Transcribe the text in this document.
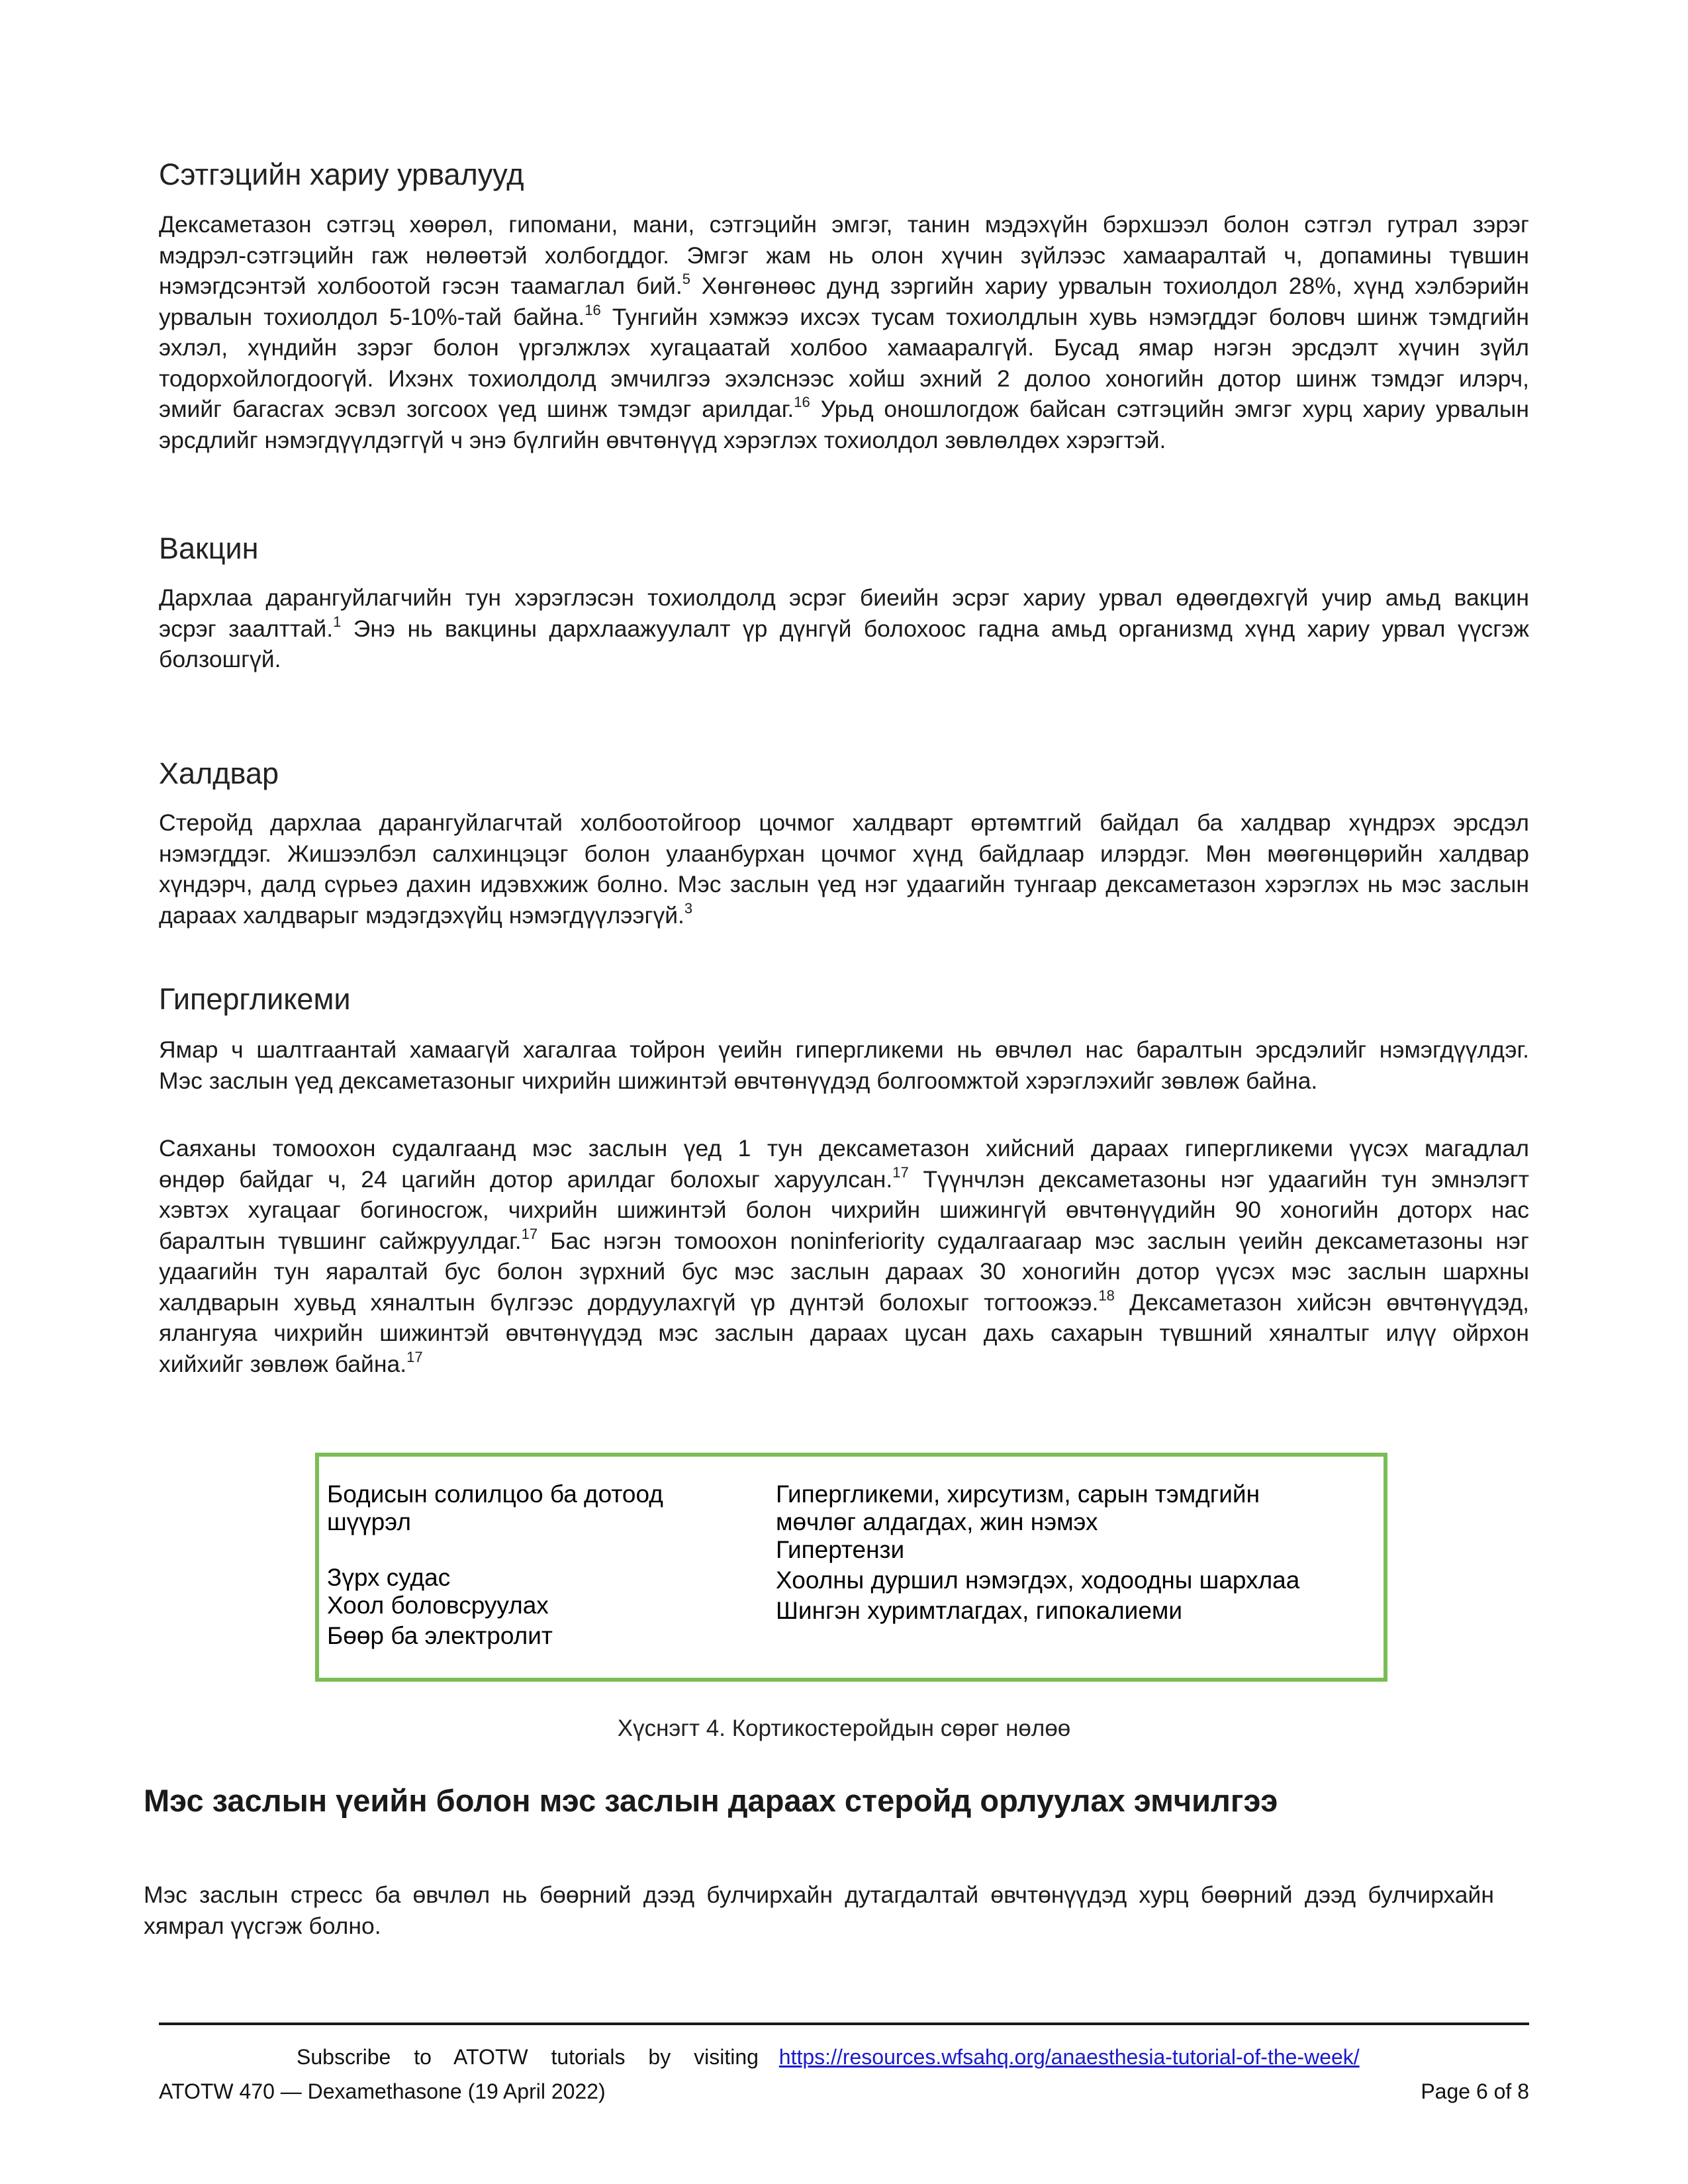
Сэтгэцийн хариу урвалууд
Дексаметазон сэтгэц хөөрөл, гипомани, мани, сэтгэцийн эмгэг, танин мэдэхүйн бэрхшээл болон сэтгэл гутрал зэрэг
мэдрэл-сэтгэцийн гаж нөлөөтэй холбогддог. Эмгэг жам нь олон хүчин зүйлээс хамааралтай ч, допамины түвшин
нэмэгдсэнтэй холбоотой гэсэн таамаглал бий.$^5$ Хөнгөнөөс дунд зэргийн хариу урвалын тохиолдол 28%, хүнд хэлбэрийн
урвалын тохиолдол 5-10%-тай байна.$^{16}$ Тунгийн хэмжээ ихсэх тусам тохиолдлын хувь нэмэгддэг боловч шинж тэмдгийн
эхлэл, хүндийн зэрэг болон үргэлжлэх хугацаатай холбоо хамааралгүй. Бусад ямар нэгэн эрсдэлт хүчин зүйл
тодорхойлогдоогүй. Ихэнх тохиолдолд эмчилгээ эхэлснээс хойш эхний 2 долоо хоногийн дотор шинж тэмдэг илэрч,
эмийг багасгах эсвэл зогсоох үед шинж тэмдэг арилдаг.$^{16}$ Урьд оношлогдож байсан сэтгэцийн эмгэг хурц хариу урвалын
эрсдлийг нэмэгдүүлдэггүй ч энэ бүлгийн өвчтөнүүд хэрэглэх тохиолдол зөвлөлдөх хэрэгтэй.
Вакцин
Дархлаа дарангуйлагчийн тун хэрэглэсэн тохиолдолд эсрэг биеийн эсрэг хариу урвал өдөөгдөхгүй учир амьд вакцин
эсрэг заалттай.$^1$ Энэ нь вакцины дархлаажуулалт үр дүнгүй болохоос гадна амьд организмд хүнд хариу урвал үүсгэж
болзошгүй.
Халдвар
Стеройд дархлаа дарангуйлагчтай холбоотойгоор цочмог халдварт өртөмтгий байдал ба халдвар хүндрэх эрсдэл
нэмэгддэг. Жишээлбэл салхинцэцэг болон улаанбурхан цочмог хүнд байдлаар илэрдэг. Мөн мөөгөнцөрийн халдвар
хүндэрч, далд сүрьеэ дахин идэвхжиж болно. Мэс заслын үед нэг удаагийн тунгаар дексаметазон хэрэглэх нь мэс заслын
дараах халдварыг мэдэгдэхүйц нэмэгдүүлээгүй.$^3$
Гипергликеми
Ямар ч шалтгаантай хамаагүй хагалгаа тойрон үеийн гипергликеми нь өвчлөл нас баралтын эрсдэлийг нэмэгдүүлдэг.
Мэс заслын үед дексаметазоныг чихрийн шижинтэй өвчтөнүүдэд болгоомжтой хэрэглэхийг зөвлөж байна.
Саяханы томоохон судалгаанд мэс заслын үед 1 тун дексаметазон хийсний дараах гипергликеми үүсэх магадлал
өндөр байдаг ч, 24 цагийн дотор арилдаг болохыг харуулсан.$^{17}$ Түүнчлэн дексаметазоны нэг удаагийн тун эмнэлэгт
хэвтэх хугацааг богиносгож, чихрийн шижинтэй болон чихрийн шижингүй өвчтөнүүдийн 90 хоногийн доторх нас
баралтын түвшинг сайжруулдаг.$^{17}$ Бас нэгэн томоохон noninferiority судалгаагаар мэс заслын үеийн дексаметазоны нэг
удаагийн тун яаралтай бус болон зүрхний бус мэс заслын дараах 30 хоногийн дотор үүсэх мэс заслын шархны
халдварын хувьд хяналтын бүлгээс дордуулахгүй үр дүнтэй болохыг тогтоожээ.$^{18}$ Дексаметазон хийсэн өвчтөнүүдэд,
ялангуяа чихрийн шижинтэй өвчтөнүүдэд мэс заслын дараах цусан дахь сахарын түвшний хяналтыг илүү ойрхон
хийхийг зөвлөж байна.$^{17}$
Бодисын солилцоо ба дотоод
шүүрэл
Зүрх судас
Хоол боловсруулах
Бөөр ба электролит
Гипергликеми, хирсутизм, сарын тэмдгийн
мөчлөг алдагдах, жин нэмэх
Гипертензи
Хоолны дуршил нэмэгдэх, ходоодны шархлаа
Шингэн хуримтлагдах, гипокалиеми
Хүснэгт 4. Кортикостеройдын сөрөг нөлөө
Мэс заслын үеийн болон мэс заслын дараах стеройд орлуулах эмчилгээ
Мэс заслын стресс ба өвчлөл нь бөөрний дээд булчирхайн дутагдалтай өвчтөнүүдэд хурц бөөрний дээд булчирхайн
хямрал үүсгэж болно.
Subscribe to ATOTW tutorials by visiting https://resources.wfsahq.org/anaesthesia-tutorial-of-the-week/
ATOTW 470 — Dexamethasone (19 April 2022)	Page 6 of 8
